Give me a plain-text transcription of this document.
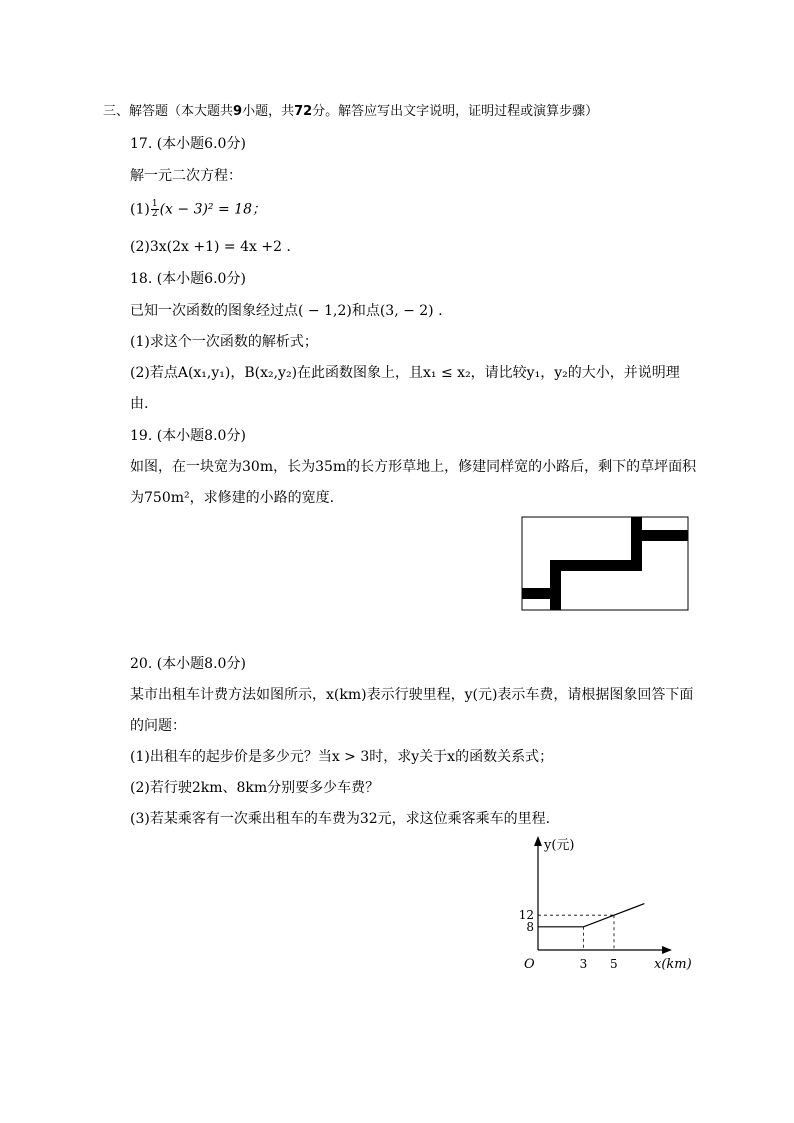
三、解答题（本大题共9小题，共72分。解答应写出文字说明，证明过程或演算步骤）
17. (本小题6.0分)
解一元二次方程：
$(1) \frac{1}{2} (x - 3)^2 = 18$；
(2)3x(2x +1) = 4x +2 .
18. (本小题6.0分)
已知一次函数的图象经过点( − 1,2)和点(3, − 2) .
(1)求这个一次函数的解析式；
(2)若点A(x₁,y₁)，B(x₂,y₂)在此函数图象上，且x₁ ≤ x₂，请比较y₁，y₂的大小，并说明理
由.
19. (本小题8.0分)
如图，在一块宽为30m，长为35m的长方形草地上，修建同样宽的小路后，剩下的草坪面积
为750m²，求修建的小路的宽度.
20. (本小题8.0分)
某市出租车计费方法如图所示，x(km)表示行驶里程，y(元)表示车费，请根据图象回答下面
的问题：
(1)出租车的起步价是多少元？当x > 3时，求y关于x的函数关系式；
(2)若行驶2km、8km分别要多少车费？
(3)若某乘客有一次乘出租车的车费为32元，求这位乘客乘车的里程.
y(元)
x(km)
O	3 5
12
8
